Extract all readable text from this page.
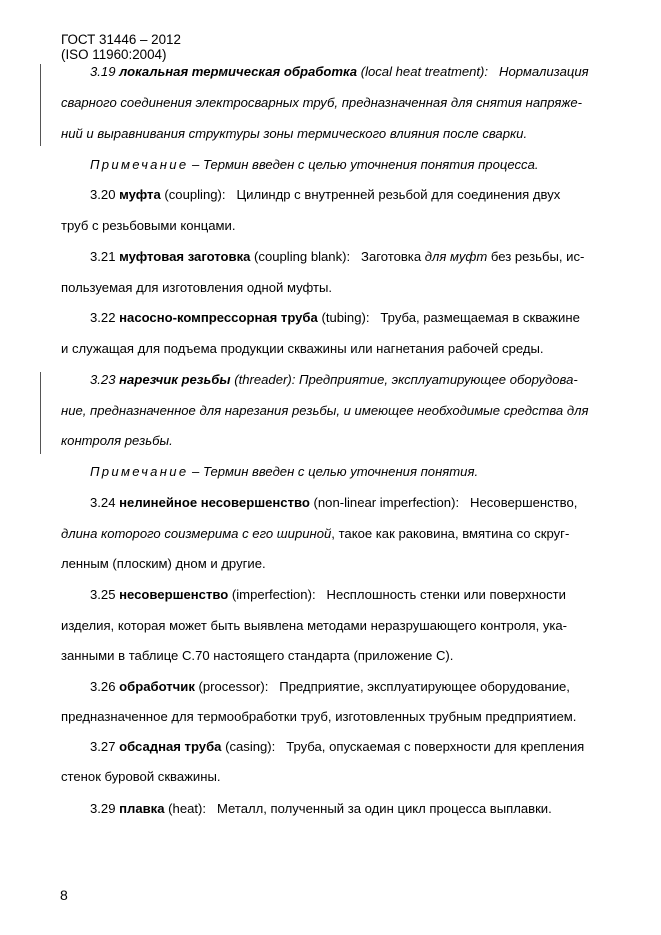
ГОСТ 31446 – 2012
(ISO 11960:2004)
3.19 локальная термическая обработка (local heat treatment): Нормализация
сварного соединения электросварных труб, предназначенная для снятия напряже-
ний и выравнивания структуры зоны термического влияния после сварки.
Примечание – Термин введен с целью уточнения понятия процесса.
3.20 муфта (coupling): Цилиндр с внутренней резьбой для соединения двух
труб с резьбовыми концами.
3.21 муфтовая заготовка (coupling blank): Заготовка для муфт без резьбы, ис-
пользуемая для изготовления одной муфты.
3.22 насосно-компрессорная труба (tubing): Труба, размещаемая в скважине
и служащая для подъема продукции скважины или нагнетания рабочей среды.
3.23 нарезчик резьбы (threader): Предприятие, эксплуатирующее оборудова-
ние, предназначенное для нарезания резьбы, и имеющее необходимые средства для
контроля резьбы.
Примечание – Термин введен с целью уточнения понятия.
3.24 нелинейное несовершенство (non-linear imperfection): Несовершенство,
длина которого соизмерима с его шириной, такое как раковина, вмятина со скруг-
ленным (плоским) дном и другие.
3.25 несовершенство (imperfection): Несплошность стенки или поверхности
изделия, которая может быть выявлена методами неразрушающего контроля, ука-
занными в таблице С.70 настоящего стандарта (приложение С).
3.26 обработчик (processor): Предприятие, эксплуатирующее оборудование,
предназначенное для термообработки труб, изготовленных трубным предприятием.
3.27 обсадная труба (casing): Труба, опускаемая с поверхности для крепления
стенок буровой скважины.
3.29 плавка (heat): Металл, полученный за один цикл процесса выплавки.
8
